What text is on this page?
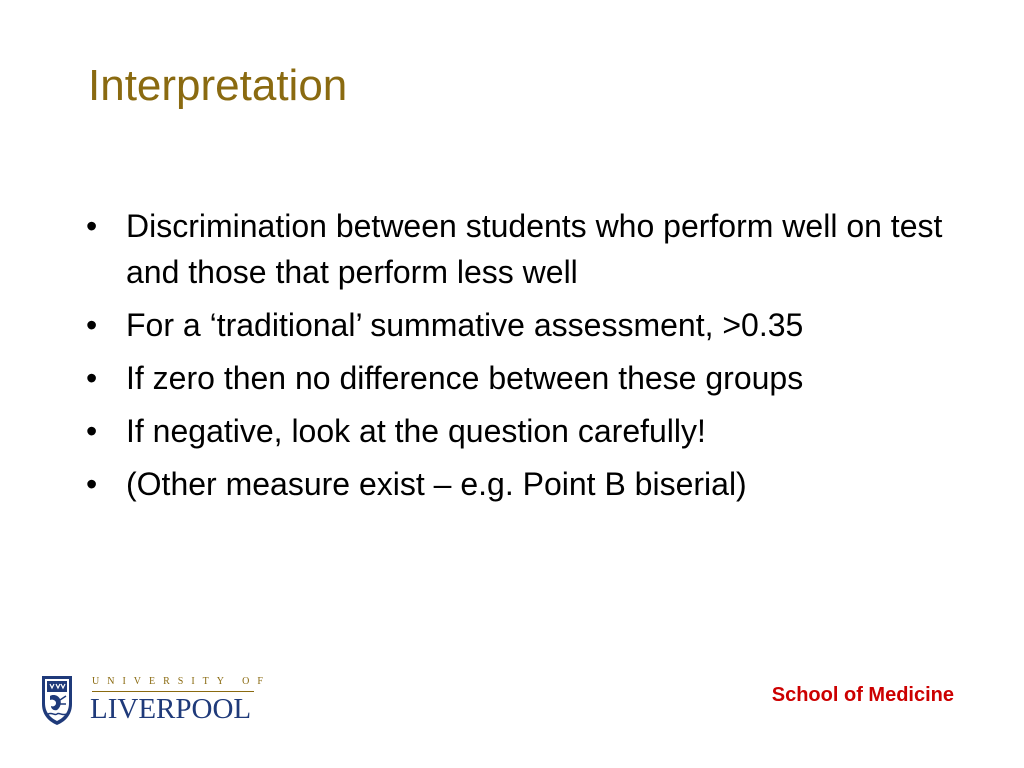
Interpretation
• Discrimination between students who perform well on test and those that perform less well
• For a ‘traditional’ summative assessment, >0.35
• If zero then no difference between these groups
• If negative, look at the question carefully!
• (Other measure exist – e.g. Point B biserial)
UNIVERSITY OF
LIVERPOOL	School of Medicine
